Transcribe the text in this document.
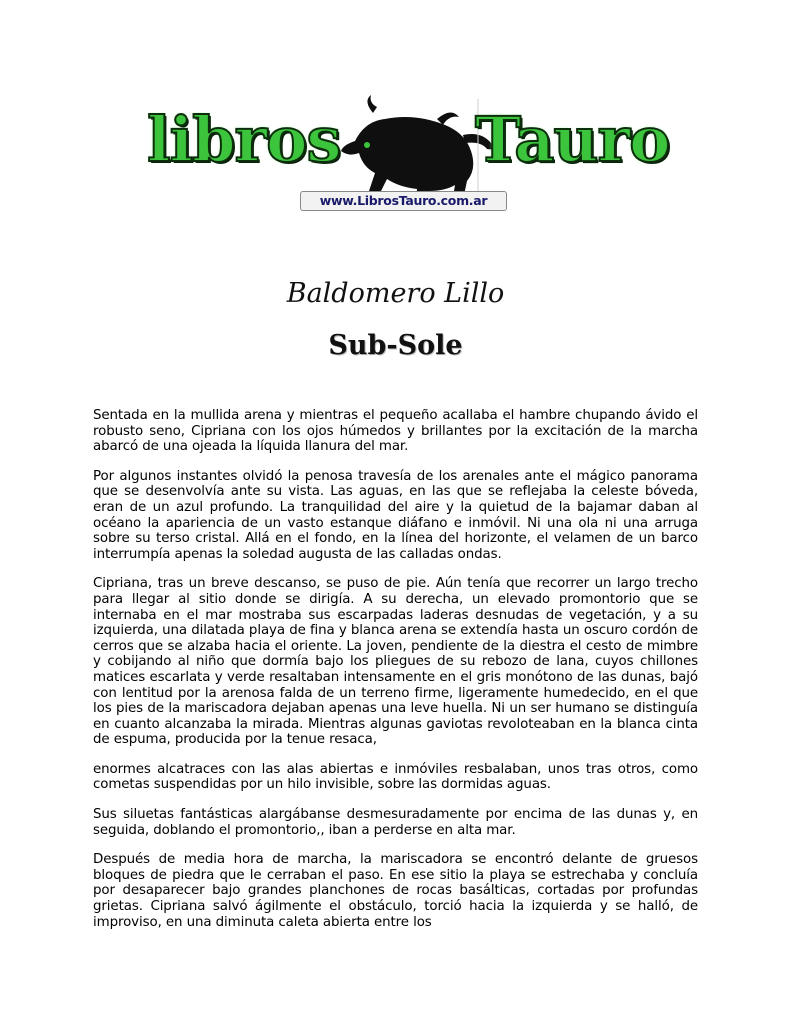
libros Tauro
www.LibrosTauro.com.ar
Baldomero Lillo
Sub-Sole

Sentada en la mullida arena y mientras el pequeño acallaba el hambre chupando ávido el robusto seno, Cipriana con los ojos húmedos y brillantes por la excitación de la marcha abarcó de una ojeada la líquida llanura del mar.

Por algunos instantes olvidó la penosa travesía de los arenales ante el mágico panorama que se desenvolvía ante su vista. Las aguas, en las que se reflejaba la celeste bóveda, eran de un azul profundo. La tranquilidad del aire y la quietud de la bajamar daban al océano la apariencia de un vasto estanque diáfano e inmóvil. Ni una ola ni una arruga sobre su terso cristal. Allá en el fondo, en la línea del horizonte, el velamen de un barco interrumpía apenas la soledad augusta de las calladas ondas.

Cipriana, tras un breve descanso, se puso de pie. Aún tenía que recorrer un largo trecho para llegar al sitio donde se dirigía. A su derecha, un elevado promontorio que se internaba en el mar mostraba sus escarpadas laderas desnudas de vegetación, y a su izquierda, una dilatada playa de fina y blanca arena se extendía hasta un oscuro cordón de cerros que se alzaba hacia el oriente. La joven, pendiente de la diestra el cesto de mimbre y cobijando al niño que dormía bajo los pliegues de su rebozo de lana, cuyos chillones matices escarlata y verde resaltaban intensamente en el gris monótono de las dunas, bajó con lentitud por la arenosa falda de un terreno firme, ligeramente humedecido, en el que los pies de la mariscadora dejaban apenas una leve huella. Ni un ser humano se distinguía en cuanto alcanzaba la mirada. Mientras algunas gaviotas revoloteaban en la blanca cinta de espuma, producida por la tenue resaca,

enormes alcatraces con las alas abiertas e inmóviles resbalaban, unos tras otros, como cometas suspendidas por un hilo invisible, sobre las dormidas aguas.

Sus siluetas fantásticas alargábanse desmesuradamente por encima de las dunas y, en seguida, doblando el promontorio,, iban a perderse en alta mar.

Después de media hora de marcha, la mariscadora se encontró delante de gruesos bloques de piedra que le cerraban el paso. En ese sitio la playa se estrechaba y concluía por desaparecer bajo grandes planchones de rocas basálticas, cortadas por profundas grietas. Cipriana salvó ágilmente el obstáculo, torció hacia la izquierda y se halló, de improviso, en una diminuta caleta abierta entre los
